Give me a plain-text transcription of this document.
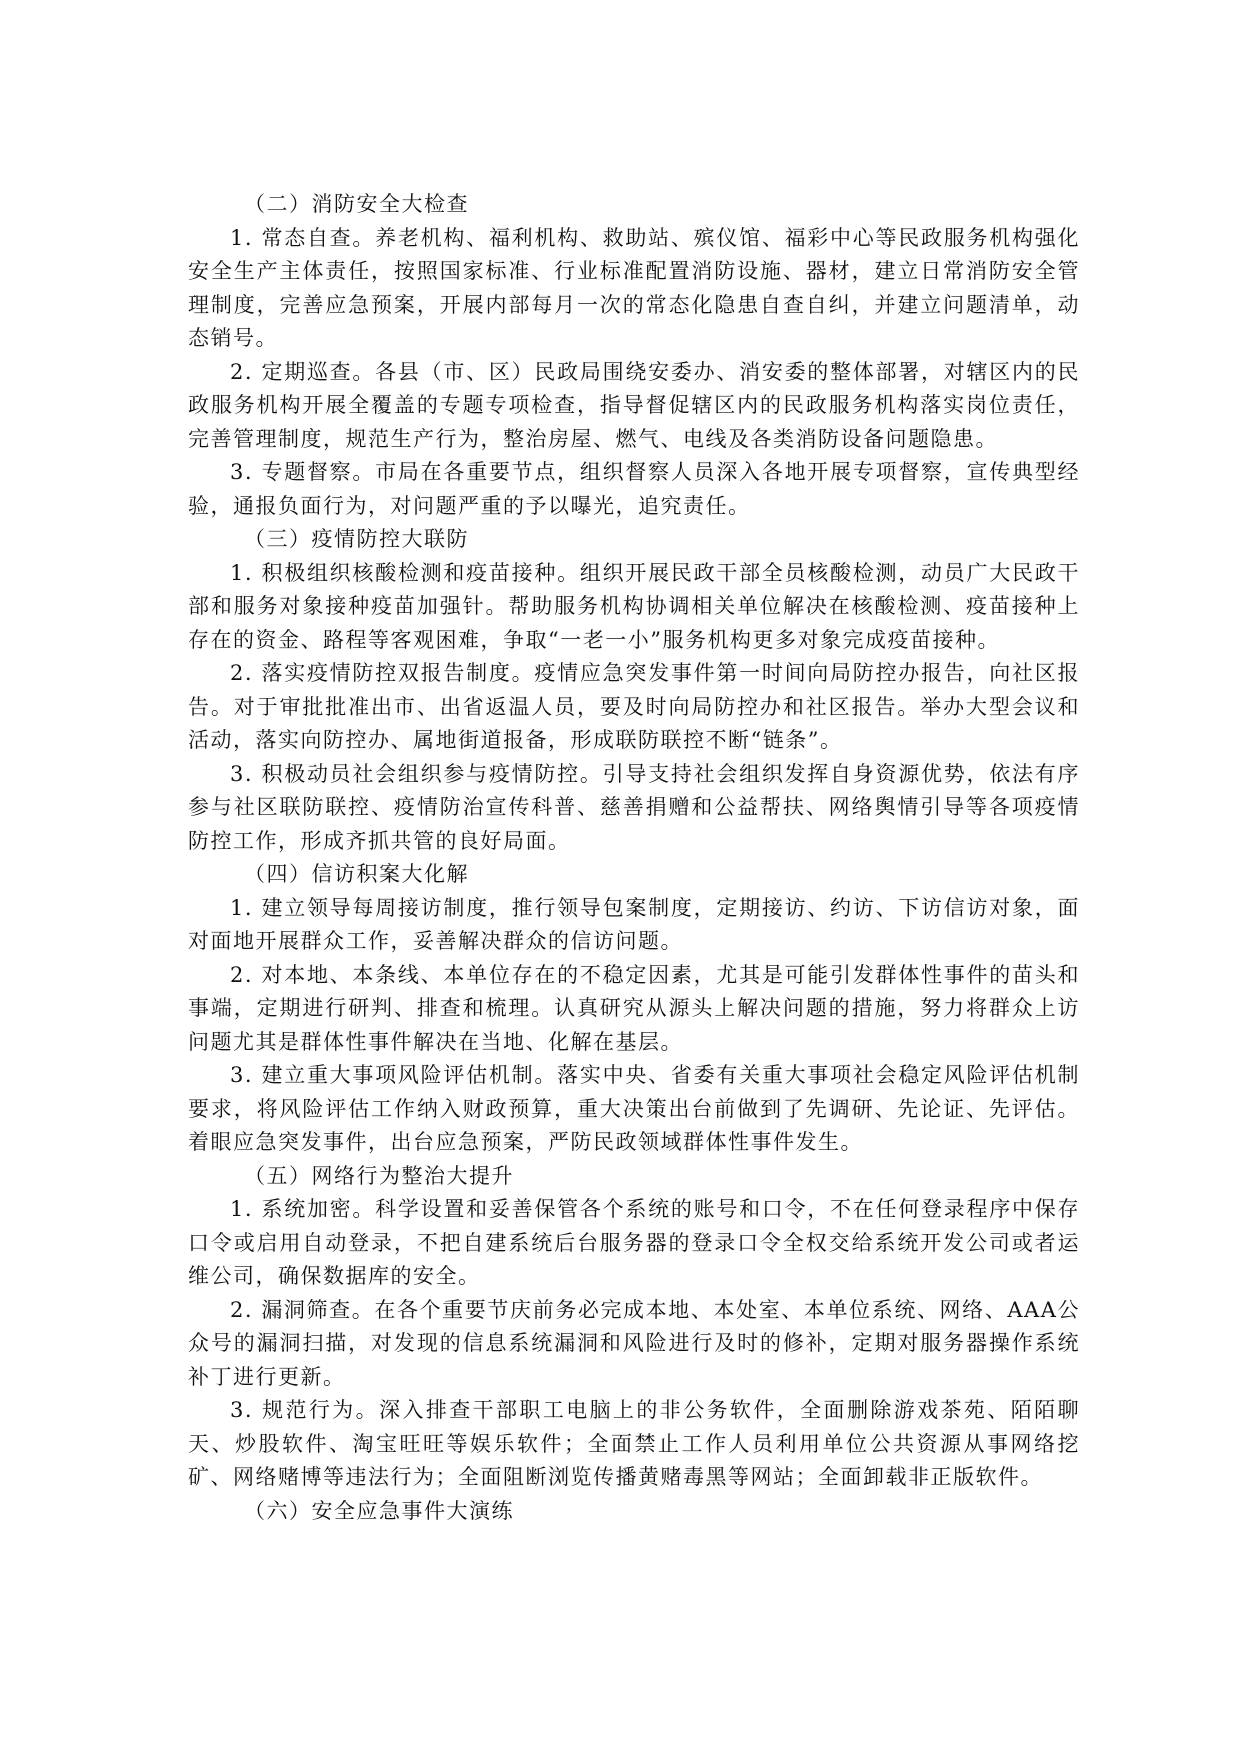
（二）消防安全大检查

1. 常态自查。养老机构、福利机构、救助站、殡仪馆、福彩中心等民政服务机构强化安全生产主体责任，按照国家标准、行业标准配置消防设施、器材，建立日常消防安全管理制度，完善应急预案，开展内部每月一次的常态化隐患自查自纠，并建立问题清单，动态销号。

2. 定期巡查。各县（市、区）民政局围绕安委办、消安委的整体部署，对辖区内的民政服务机构开展全覆盖的专题专项检查，指导督促辖区内的民政服务机构落实岗位责任，完善管理制度，规范生产行为，整治房屋、燃气、电线及各类消防设备问题隐患。

3. 专题督察。市局在各重要节点，组织督察人员深入各地开展专项督察，宣传典型经验，通报负面行为，对问题严重的予以曝光，追究责任。

（三）疫情防控大联防

1. 积极组织核酸检测和疫苗接种。组织开展民政干部全员核酸检测，动员广大民政干部和服务对象接种疫苗加强针。帮助服务机构协调相关单位解决在核酸检测、疫苗接种上存在的资金、路程等客观困难，争取“一老一小”服务机构更多对象完成疫苗接种。

2. 落实疫情防控双报告制度。疫情应急突发事件第一时间向局防控办报告，向社区报告。对于审批批准出市、出省返温人员，要及时向局防控办和社区报告。举办大型会议和活动，落实向防控办、属地街道报备，形成联防联控不断“链条”。

3. 积极动员社会组织参与疫情防控。引导支持社会组织发挥自身资源优势，依法有序参与社区联防联控、疫情防治宣传科普、慈善捐赠和公益帮扶、网络舆情引导等各项疫情防控工作，形成齐抓共管的良好局面。

（四）信访积案大化解

1. 建立领导每周接访制度，推行领导包案制度，定期接访、约访、下访信访对象，面对面地开展群众工作，妥善解决群众的信访问题。

2. 对本地、本条线、本单位存在的不稳定因素，尤其是可能引发群体性事件的苗头和事端，定期进行研判、排查和梳理。认真研究从源头上解决问题的措施，努力将群众上访问题尤其是群体性事件解决在当地、化解在基层。

3. 建立重大事项风险评估机制。落实中央、省委有关重大事项社会稳定风险评估机制要求，将风险评估工作纳入财政预算，重大决策出台前做到了先调研、先论证、先评估。着眼应急突发事件，出台应急预案，严防民政领域群体性事件发生。

（五）网络行为整治大提升

1. 系统加密。科学设置和妥善保管各个系统的账号和口令，不在任何登录程序中保存口令或启用自动登录，不把自建系统后台服务器的登录口令全权交给系统开发公司或者运维公司，确保数据库的安全。

2. 漏洞筛查。在各个重要节庆前务必完成本地、本处室、本单位系统、网络、AAA公众号的漏洞扫描，对发现的信息系统漏洞和风险进行及时的修补，定期对服务器操作系统补丁进行更新。

3. 规范行为。深入排查干部职工电脑上的非公务软件，全面删除游戏茶苑、陌陌聊天、炒股软件、淘宝旺旺等娱乐软件；全面禁止工作人员利用单位公共资源从事网络挖矿、网络赌博等违法行为；全面阻断浏览传播黄赌毒黑等网站；全面卸载非正版软件。

（六）安全应急事件大演练
